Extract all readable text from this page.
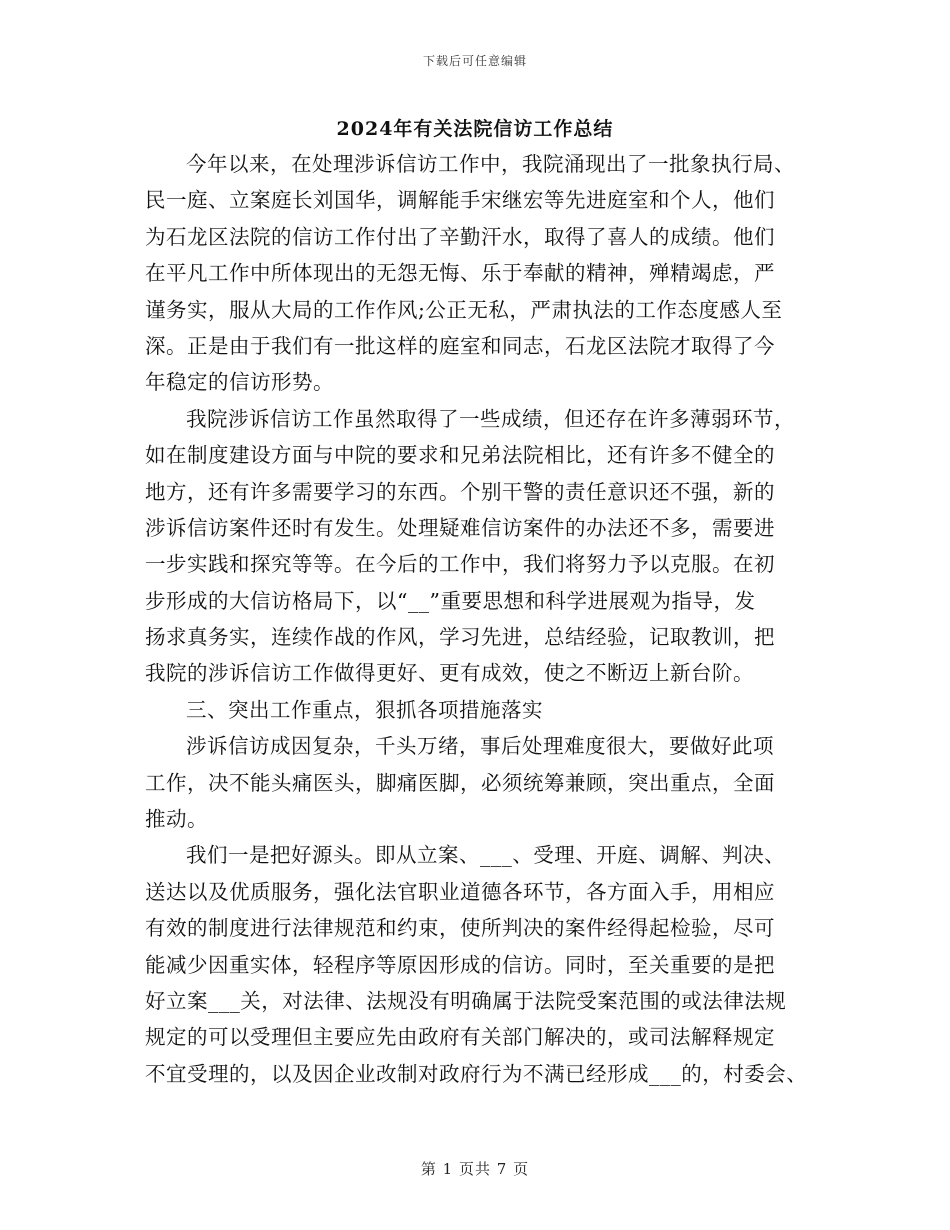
下载后可任意编辑
2024年有关法院信访工作总结
今年以来，在处理涉诉信访工作中，我院涌现出了一批象执行局、
民一庭、立案庭长刘国华，调解能手宋继宏等先进庭室和个人，他们
为石龙区法院的信访工作付出了辛勤汗水，取得了喜人的成绩。他们
在平凡工作中所体现出的无怨无悔、乐于奉献的精神，殚精竭虑，严
谨务实，服从大局的工作作风;公正无私，严肃执法的工作态度感人至
深。正是由于我们有一批这样的庭室和同志，石龙区法院才取得了今
年稳定的信访形势。
我院涉诉信访工作虽然取得了一些成绩，但还存在许多薄弱环节，
如在制度建设方面与中院的要求和兄弟法院相比，还有许多不健全的
地方，还有许多需要学习的东西。个别干警的责任意识还不强，新的
涉诉信访案件还时有发生。处理疑难信访案件的办法还不多，需要进
一步实践和探究等等。在今后的工作中，我们将努力予以克服。在初
步形成的大信访格局下，以“__”重要思想和科学进展观为指导，发
扬求真务实，连续作战的作风，学习先进，总结经验，记取教训，把
我院的涉诉信访工作做得更好、更有成效，使之不断迈上新台阶。
三、突出工作重点，狠抓各项措施落实
涉诉信访成因复杂，千头万绪，事后处理难度很大，要做好此项
工作，决不能头痛医头，脚痛医脚，必须统筹兼顾，突出重点，全面
推动。
我们一是把好源头。即从立案、___、受理、开庭、调解、判决、
送达以及优质服务，强化法官职业道德各环节，各方面入手，用相应
有效的制度进行法律规范和约束，使所判决的案件经得起检验，尽可
能减少因重实体，轻程序等原因形成的信访。同时，至关重要的是把
好立案___关，对法律、法规没有明确属于法院受案范围的或法律法规
规定的可以受理但主要应先由政府有关部门解决的，或司法解释规定
不宜受理的，以及因企业改制对政府行为不满已经形成___的，村委会、
第 1 页共 7 页
